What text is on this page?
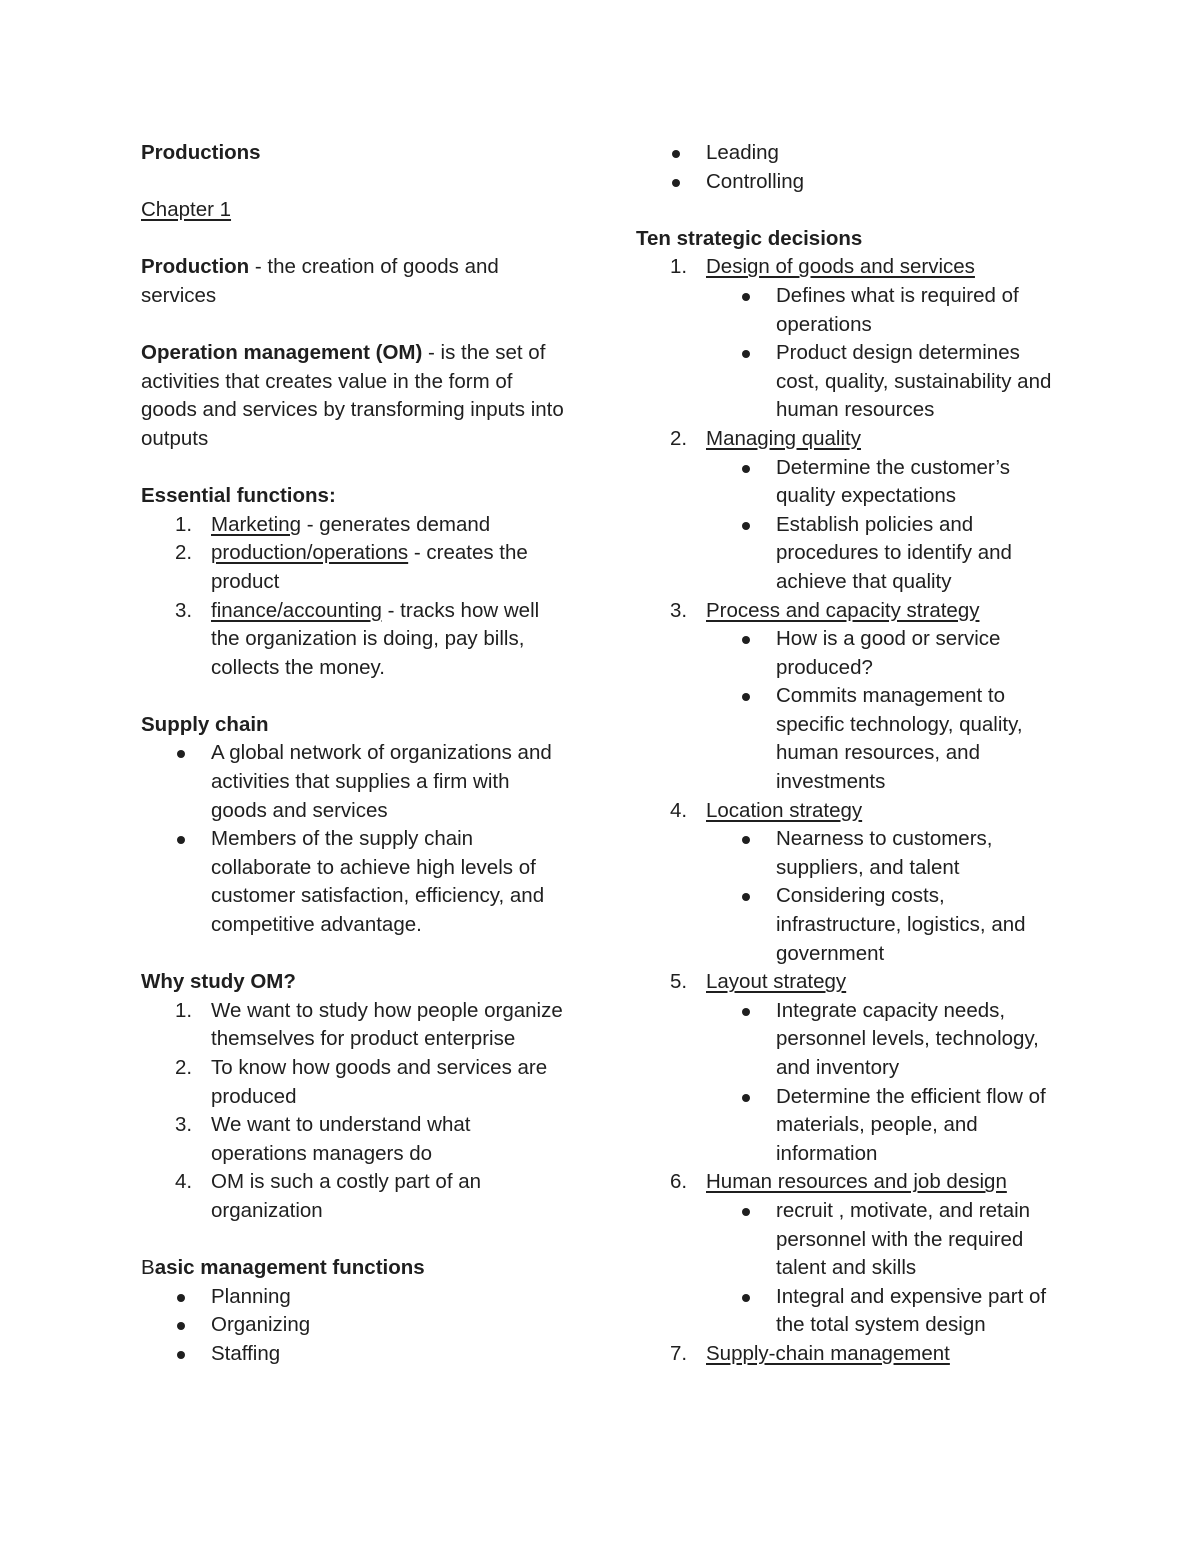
Productions

Chapter 1

Production - the creation of goods and services

Operation management (OM) - is the set of activities that creates value in the form of goods and services by transforming inputs into outputs

Essential functions:

1. Marketing - generates demand
2. production/operations - creates the product
3. finance/accounting - tracks how well the organization is doing, pay bills, collects the money.

Supply chain

A global network of organizations and activities that supplies a firm with goods and services
Members of the supply chain collaborate to achieve high levels of customer satisfaction, efficiency, and competitive advantage.

Why study OM?

1. We want to study how people organize themselves for product enterprise
2. To know how goods and services are produced
3. We want to understand what operations managers do
4. OM is such a costly part of an organization

Basic management functions

Planning
Organizing
Staffing
Leading
Controlling

Ten strategic decisions

1. Design of goods and services
Defines what is required of operations
Product design determines cost, quality, sustainability and human resources
2. Managing quality
Determine the customer’s quality expectations
Establish policies and procedures to identify and achieve that quality
3. Process and capacity strategy
How is a good or service produced?
Commits management to specific technology, quality, human resources, and investments
4. Location strategy
Nearness to customers, suppliers, and talent
Considering costs, infrastructure, logistics, and government
5. Layout strategy
Integrate capacity needs, personnel levels, technology, and inventory
Determine the efficient flow of materials, people, and information
6. Human resources and job design
recruit , motivate, and retain personnel with the required talent and skills
Integral and expensive part of the total system design
7. Supply-chain management
